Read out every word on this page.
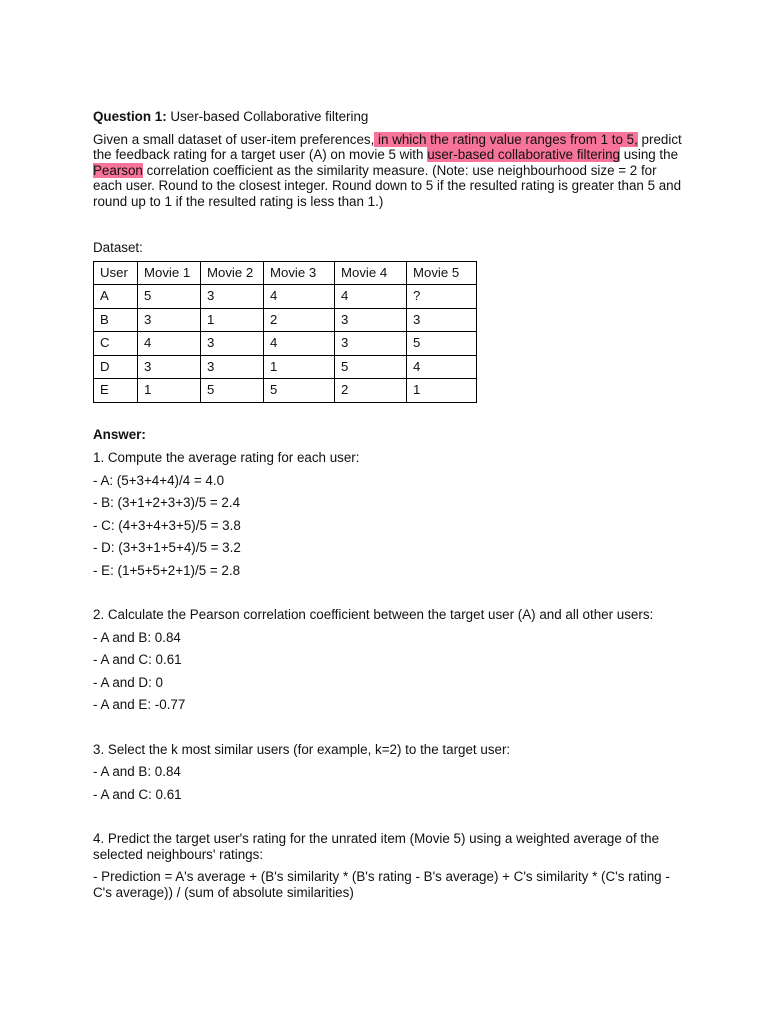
Question 1: User-based Collaborative filtering

Given a small dataset of user-item preferences, in which the rating value ranges from 1 to 5, predict the feedback rating for a target user (A) on movie 5 with user-based collaborative filtering using the Pearson correlation coefficient as the similarity measure. (Note: use neighbourhood size = 2 for each user. Round to the closest integer. Round down to 5 if the resulted rating is greater than 5 and round up to 1 if the resulted rating is less than 1.)

Dataset:

User	Movie 1	Movie 2	Movie 3	Movie 4	Movie 5
A	5	3	4	4	?
B	3	1	2	3	3
C	4	3	4	3	5
D	3	3	1	5	4
E	1	5	5	2	1

Answer:

1. Compute the average rating for each user:

- A: (5+3+4+4)/4 = 4.0

- B: (3+1+2+3+3)/5 = 2.4

- C: (4+3+4+3+5)/5 = 3.8

- D: (3+3+1+5+4)/5 = 3.2

- E: (1+5+5+2+1)/5 = 2.8

2. Calculate the Pearson correlation coefficient between the target user (A) and all other users:

- A and B: 0.84

- A and C: 0.61

- A and D: 0

- A and E: -0.77

3. Select the k most similar users (for example, k=2) to the target user:

- A and B: 0.84

- A and C: 0.61

4. Predict the target user's rating for the unrated item (Movie 5) using a weighted average of the selected neighbours' ratings:

- Prediction = A's average + (B's similarity * (B's rating - B's average) + C's similarity * (C's rating - C's average)) / (sum of absolute similarities)
